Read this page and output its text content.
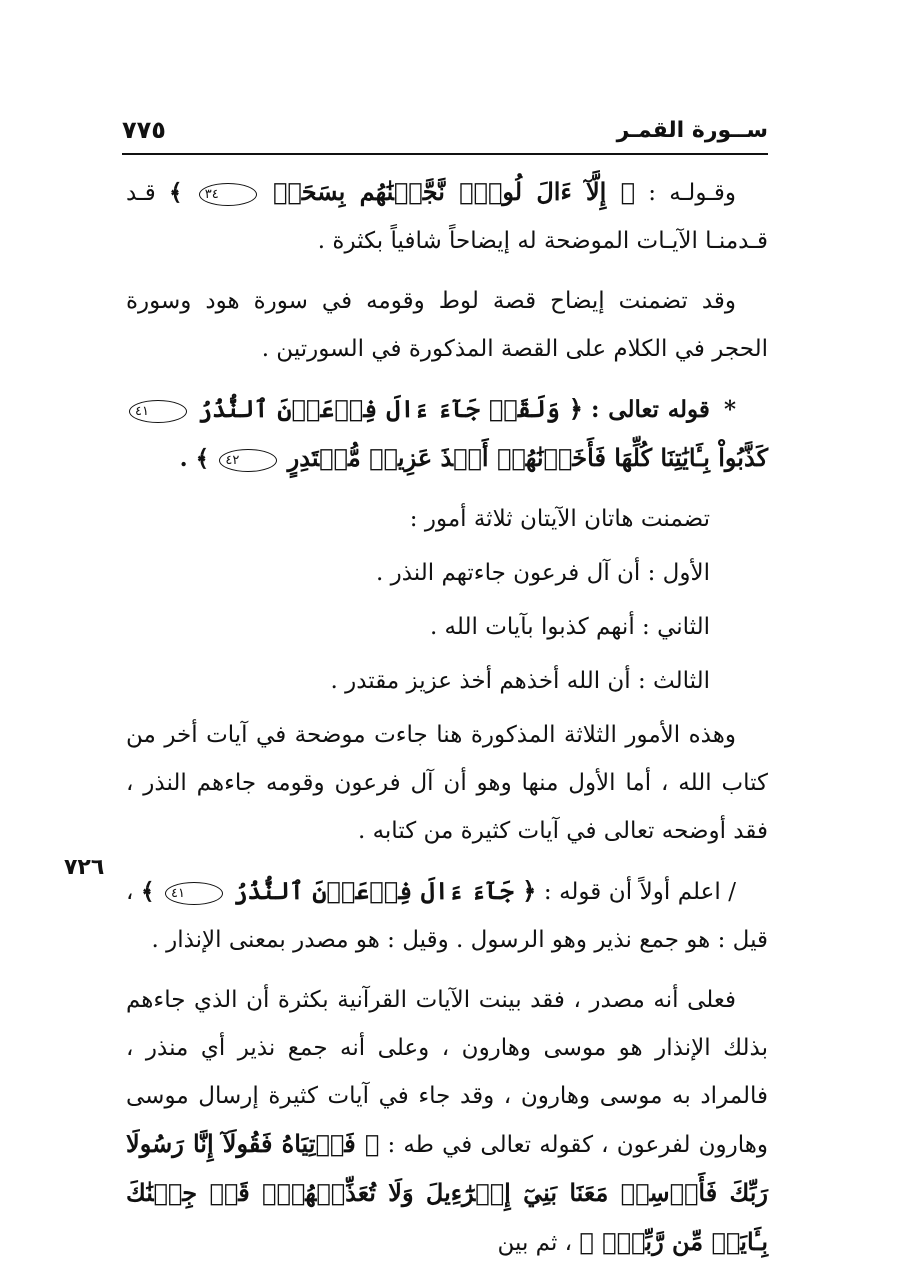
ســورة القمـر
٧٧٥
٧٢٦

وقـولـه : ﴿ إِلَّآ ءَالَ لُوطٍۖ نَّجَّيۡنَٰهُم بِسَحَرٖ ٣٤ ﴾ قـد قـدمنـا الآيـات الموضحة له إيضاحاً شافياً بكثرة .

وقد تضمنت إيضاح قصة لوط وقومه في سورة هود وسورة الحجر في الكلام على القصة المذكورة في السورتين .

* قوله تعالى : ﴿ وَلَقَدۡ جَآءَ ءَالَ فِرۡعَوۡنَ ٱلنُّذُرُ ٤١ كَذَّبُواْ بِـَٔايَٰتِنَا كُلِّهَا فَأَخَذۡنَٰهُمۡ أَخۡذَ عَزِيزٖ مُّقۡتَدِرٍ ٤٢ ﴾ .

تضمنت هاتان الآيتان ثلاثة أمور :

الأول : أن آل فرعون جاءتهم النذر .

الثاني : أنهم كذبوا بآيات الله .

الثالث : أن الله أخذهم أخذ عزيز مقتدر .

وهذه الأمور الثلاثة المذكورة هنا جاءت موضحة في آيات أخر من كتاب الله ، أما الأول منها وهو أن آل فرعون وقومه جاءهم النذر ، فقد أوضحه تعالى في آيات كثيرة من كتابه .

/ اعلم أولاً أن قوله : ﴿ جَآءَ ءَالَ فِرۡعَوۡنَ ٱلنُّذُرُ ٤١ ﴾ ، قيل : هو جمع نذير وهو الرسول . وقيل : هو مصدر بمعنى الإنذار .

فعلى أنه مصدر ، فقد بينت الآيات القرآنية بكثرة أن الذي جاءهم بذلك الإنذار هو موسى وهارون ، وعلى أنه جمع نذير أي منذر ، فالمراد به موسى وهارون ، وقد جاء في آيات كثيرة إرسال موسى وهارون لفرعون ، كقوله تعالى في طه : ﴿ فَأۡتِيَاهُ فَقُولَآ إِنَّا رَسُولَا رَبِّكَ فَأَرۡسِلۡ مَعَنَا بَنِيٓ إِسۡرَٰٓءِيلَ وَلَا تُعَذِّبۡهُمۡۖ قَدۡ جِئۡنَٰكَ بِـَٔايَةٖ مِّن رَّبِّكَۖ ﴾ ، ثم بين
